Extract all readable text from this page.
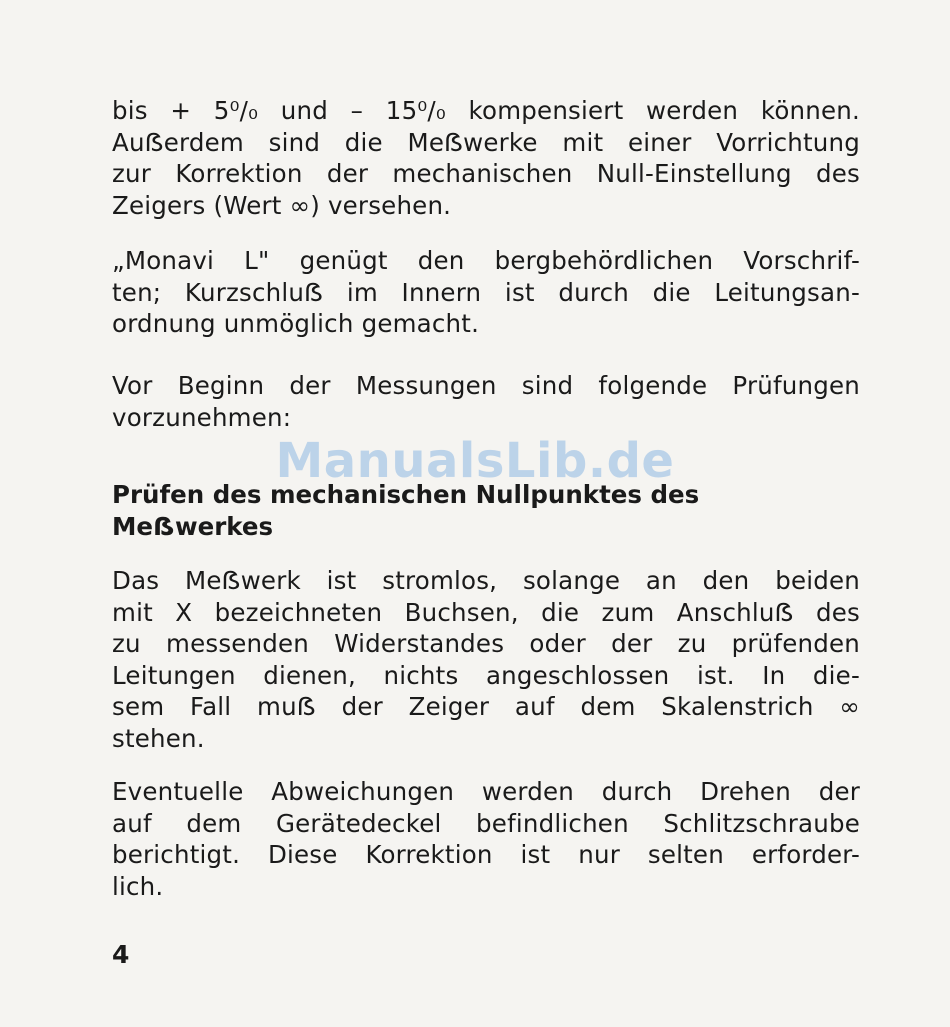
bis + 5⁰/₀ und – 15⁰/₀ kompensiert werden können.
Auẞerdem sind die Meẞwerke mit einer Vorrichtung
zur Korrektion der mechanischen Null-Einstellung des
Zeigers (Wert ∞) versehen.

„Monavi L" genügt den bergbehördlichen Vorschrif-
ten; Kurzschluẞ im Innern ist durch die Leitungsan-
ordnung unmöglich gemacht.

Vor Beginn der Messungen sind folgende Prüfungen
vorzunehmen:

ManualsLib.de
Prüfen des mechanischen Nullpunktes des
Meẞwerkes

Das Meẞwerk ist stromlos, solange an den beiden
mit X bezeichneten Buchsen, die zum Anschluẞ des
zu messenden Widerstandes oder der zu prüfenden
Leitungen dienen, nichts angeschlossen ist. In die-
sem Fall muẞ der Zeiger auf dem Skalenstrich ∞
stehen.

Eventuelle Abweichungen werden durch Drehen der
auf dem Gerätedeckel befindlichen Schlitzschraube
berichtigt. Diese Korrektion ist nur selten erforder-
lich.

4
